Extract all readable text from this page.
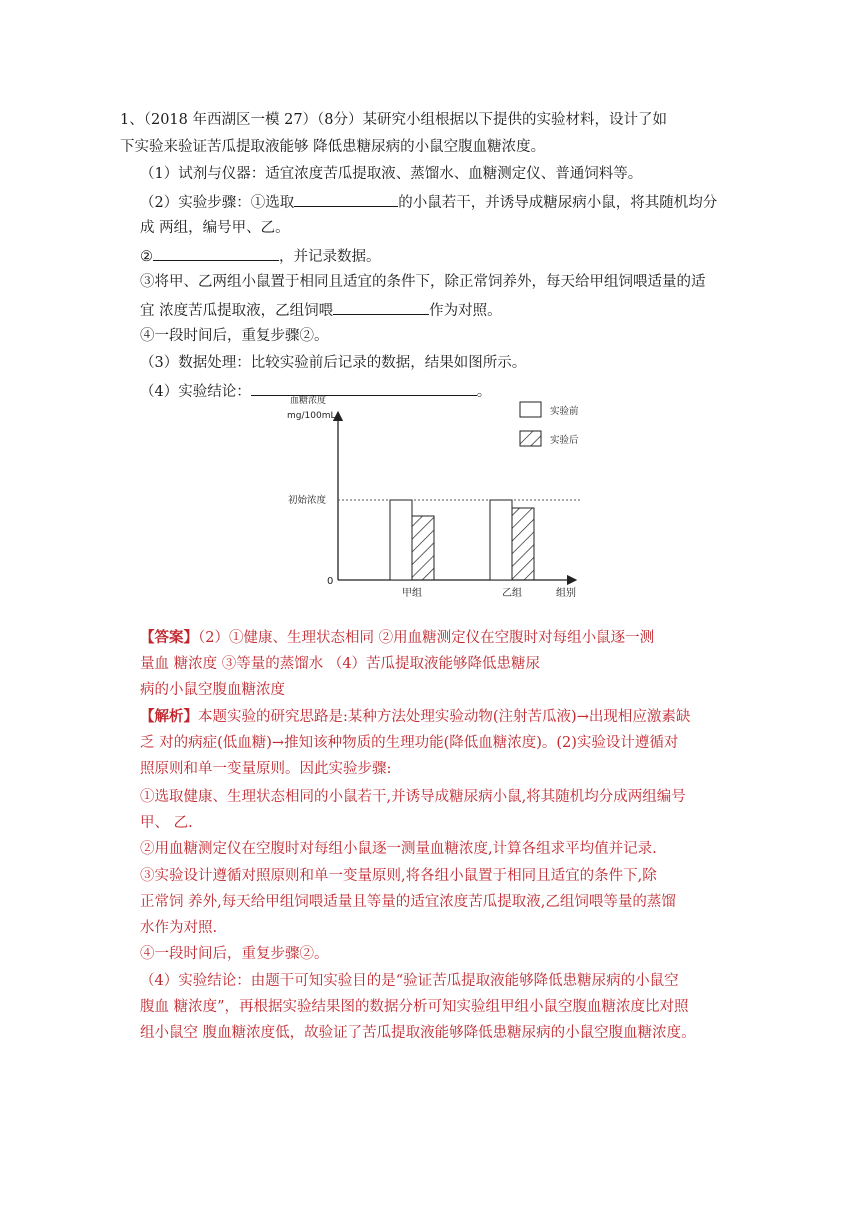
1、（2018 年西湖区一模 27）（8分）某研究小组根据以下提供的实验材料，设计了如
下实验来验证苦瓜提取液能够 降低患糖尿病的小鼠空腹血糖浓度。
（1）试剂与仪器：适宜浓度苦瓜提取液、蒸馏水、血糖测定仪、普通饲料等。
（2）实验步骤：①选取	的小鼠若干，并诱导成糖尿病小鼠，将其随机均分
成 两组，编号甲、乙。
②	，并记录数据。
③将甲、乙两组小鼠置于相同且适宜的条件下，除正常饲养外，每天给甲组饲喂适量的适
宜 浓度苦瓜提取液，乙组饲喂	作为对照。
④一段时间后，重复步骤②。
（3）数据处理：比较实验前后记录的数据，结果如图所示。
（4）实验结论：	。
血糖浓度
mg/100mL
0
组别
初始浓度
甲组	乙组
实验前
实验后
【答案】（2）①健康、生理状态相同 ②用血糖测定仪在空腹时对每组小鼠逐一测
量血 糖浓度 ③等量的蒸馏水 （4）苦瓜提取液能够降低患糖尿
病的小鼠空腹血糖浓度
【解析】本题实验的研究思路是:某种方法处理实验动物(注射苦瓜液)→出现相应激素缺
乏 对的病症(低血糖)→推知该种物质的生理功能(降低血糖浓度)。(2)实验设计遵循对
照原则和单一变量原则。因此实验步骤:
①选取健康、生理状态相同的小鼠若干,并诱导成糖尿病小鼠,将其随机均分成两组编号
甲、 乙.
②用血糖测定仪在空腹时对每组小鼠逐一测量血糖浓度,计算各组求平均值并记录.
③实验设计遵循对照原则和单一变量原则,将各组小鼠置于相同且适宜的条件下,除
正常饲 养外,每天给甲组饲喂适量且等量的适宜浓度苦瓜提取液,乙组饲喂等量的蒸馏
水作为对照.
④一段时间后，重复步骤②。
（4）实验结论：由题干可知实验目的是“验证苦瓜提取液能够降低患糖尿病的小鼠空
腹血 糖浓度”，再根据实验结果图的数据分析可知实验组甲组小鼠空腹血糖浓度比对照
组小鼠空 腹血糖浓度低，故验证了苦瓜提取液能够降低患糖尿病的小鼠空腹血糖浓度。
